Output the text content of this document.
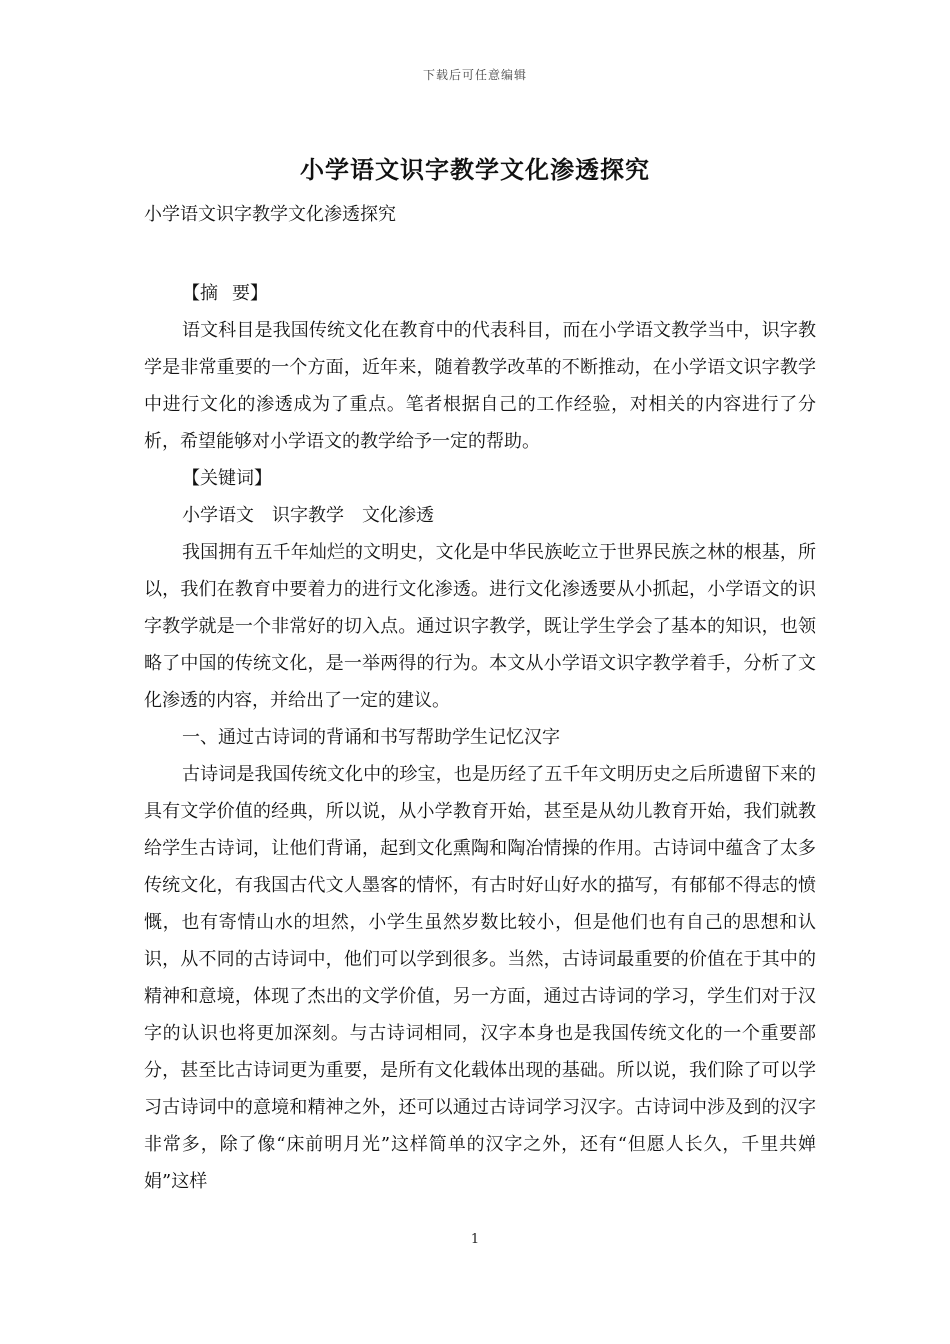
下载后可任意编辑
小学语文识字教学文化渗透探究
小学语文识字教学文化渗透探究

【摘 要】

语文科目是我国传统文化在教育中的代表科目，而在小学语文教学当中，识字教学是非常重要的一个方面，近年来，随着教学改革的不断推动，在小学语文识字教学中进行文化的渗透成为了重点。笔者根据自己的工作经验，对相关的内容进行了分析，希望能够对小学语文的教学给予一定的帮助。

【关键词】

小学语文 识字教学 文化渗透

我国拥有五千年灿烂的文明史，文化是中华民族屹立于世界民族之林的根基，所以，我们在教育中要着力的进行文化渗透。进行文化渗透要从小抓起，小学语文的识字教学就是一个非常好的切入点。通过识字教学，既让学生学会了基本的知识，也领略了中国的传统文化，是一举两得的行为。本文从小学语文识字教学着手，分析了文化渗透的内容，并给出了一定的建议。

一、通过古诗词的背诵和书写帮助学生记忆汉字

古诗词是我国传统文化中的珍宝，也是历经了五千年文明历史之后所遗留下来的具有文学价值的经典，所以说，从小学教育开始，甚至是从幼儿教育开始，我们就教给学生古诗词，让他们背诵，起到文化熏陶和陶冶情操的作用。古诗词中蕴含了太多传统文化，有我国古代文人墨客的情怀，有古时好山好水的描写，有郁郁不得志的愤慨，也有寄情山水的坦然，小学生虽然岁数比较小，但是他们也有自己的思想和认识，从不同的古诗词中，他们可以学到很多。当然，古诗词最重要的价值在于其中的精神和意境，体现了杰出的文学价值，另一方面，通过古诗词的学习，学生们对于汉字的认识也将更加深刻。与古诗词相同，汉字本身也是我国传统文化的一个重要部分，甚至比古诗词更为重要，是所有文化载体出现的基础。所以说，我们除了可以学习古诗词中的意境和精神之外，还可以通过古诗词学习汉字。古诗词中涉及到的汉字非常多，除了像“床前明月光”这样简单的汉字之外，还有“但愿人长久，千里共婵娟”这样

1
